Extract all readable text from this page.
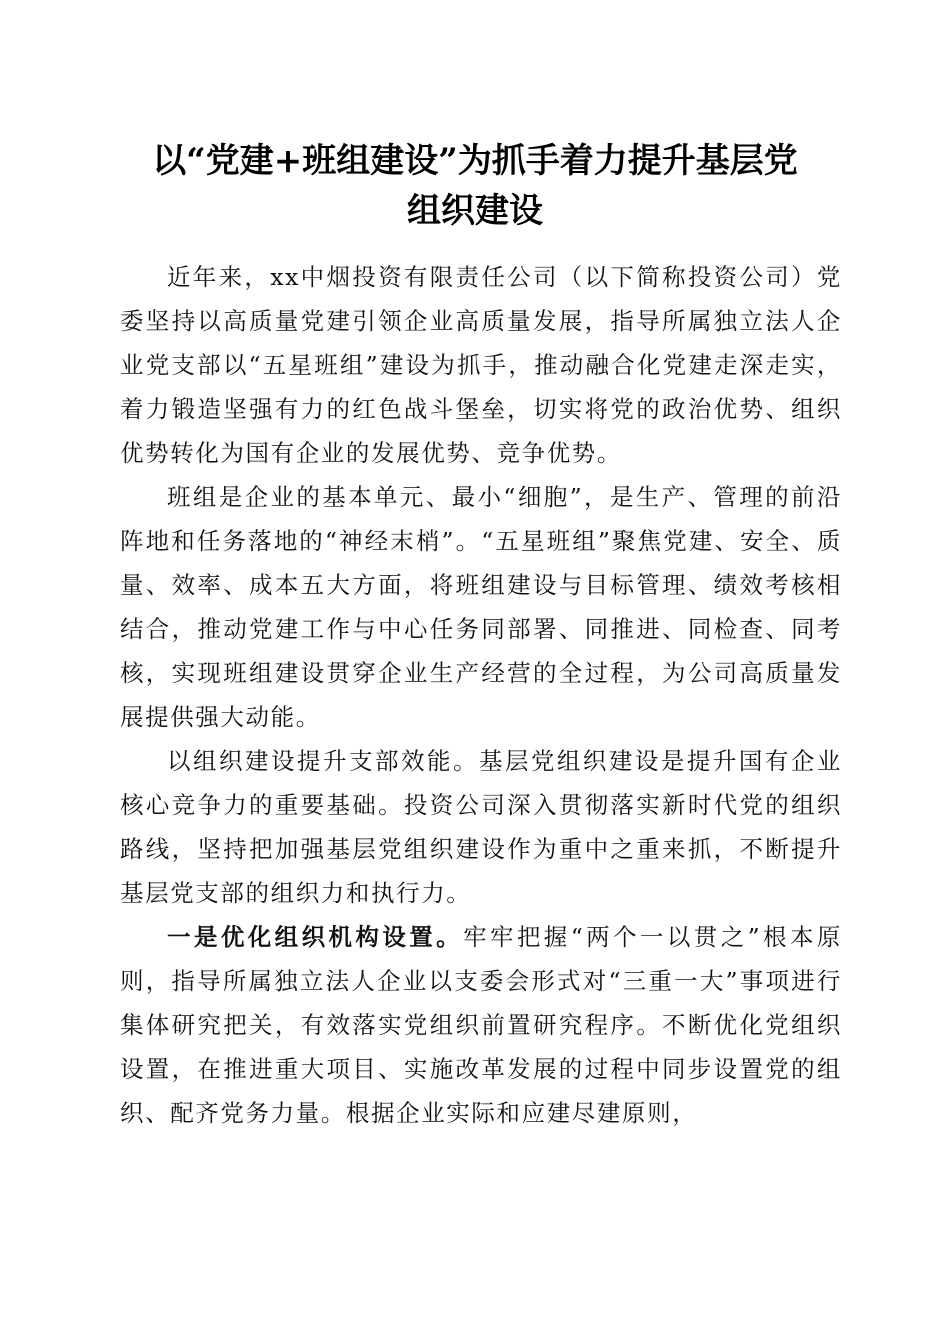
以“党建+班组建设”为抓手着力提升基层党
组织建设

近年来，xx中烟投资有限责任公司（以下简称投资公司）党委坚持以高质量党建引领企业高质量发展，指导所属独立法人企业党支部以“五星班组”建设为抓手，推动融合化党建走深走实，着力锻造坚强有力的红色战斗堡垒，切实将党的政治优势、组织优势转化为国有企业的发展优势、竞争优势。

班组是企业的基本单元、最小“细胞”，是生产、管理的前沿阵地和任务落地的“神经末梢”。“五星班组”聚焦党建、安全、质量、效率、成本五大方面，将班组建设与目标管理、绩效考核相结合，推动党建工作与中心任务同部署、同推进、同检查、同考核，实现班组建设贯穿企业生产经营的全过程，为公司高质量发展提供强大动能。

以组织建设提升支部效能。基层党组织建设是提升国有企业核心竞争力的重要基础。投资公司深入贯彻落实新时代党的组织路线，坚持把加强基层党组织建设作为重中之重来抓，不断提升基层党支部的组织力和执行力。

一是优化组织机构设置。牢牢把握“两个一以贯之”根本原则，指导所属独立法人企业以支委会形式对“三重一大”事项进行集体研究把关，有效落实党组织前置研究程序。不断优化党组织设置，在推进重大项目、实施改革发展的过程中同步设置党的组织、配齐党务力量。根据企业实际和应建尽建原则，
